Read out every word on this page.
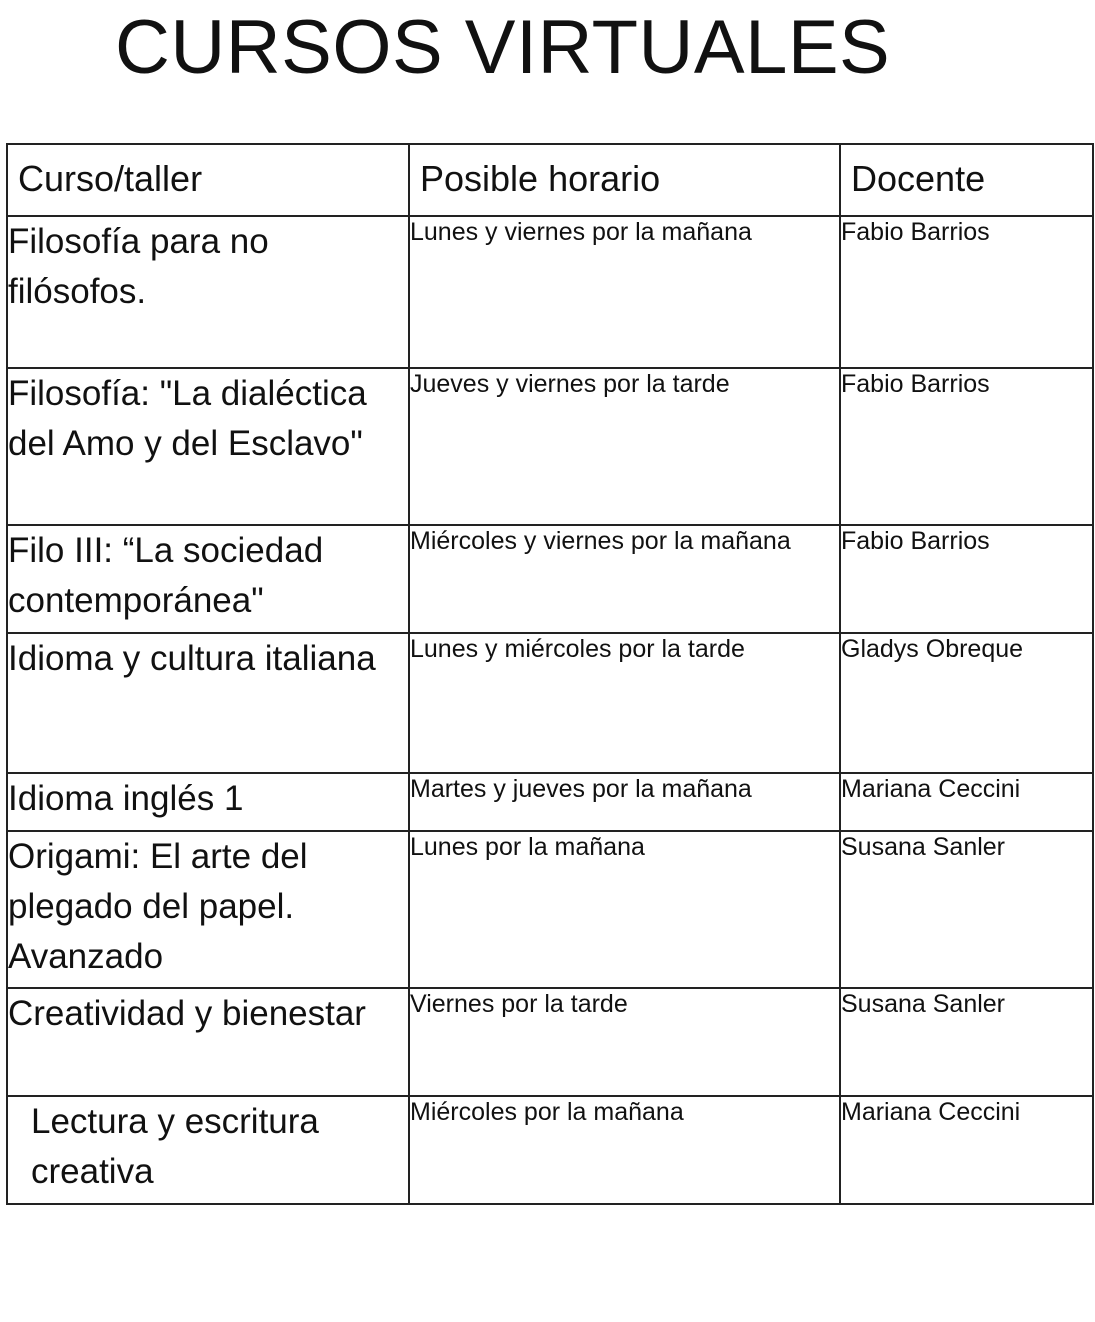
CURSOS VIRTUALES
Curso/taller	Posible horario	Docente
Filosofía para no filósofos.	Lunes y viernes por la mañana	Fabio Barrios
Filosofía: "La dialéctica del Amo y del Esclavo"	Jueves y viernes por la tarde	Fabio Barrios
Filo III: “La sociedad contemporánea"	Miércoles y viernes por la mañana	Fabio Barrios
Idioma y cultura italiana	Lunes y miércoles por la tarde	Gladys Obreque
Idioma inglés 1	Martes y jueves por la mañana	Mariana Ceccini
Origami: El arte del plegado del papel. Avanzado	Lunes por la mañana	Susana Sanler
Creatividad y bienestar	Viernes por la tarde	Susana Sanler
Lectura y escritura creativa	Miércoles por la mañana	Mariana Ceccini
